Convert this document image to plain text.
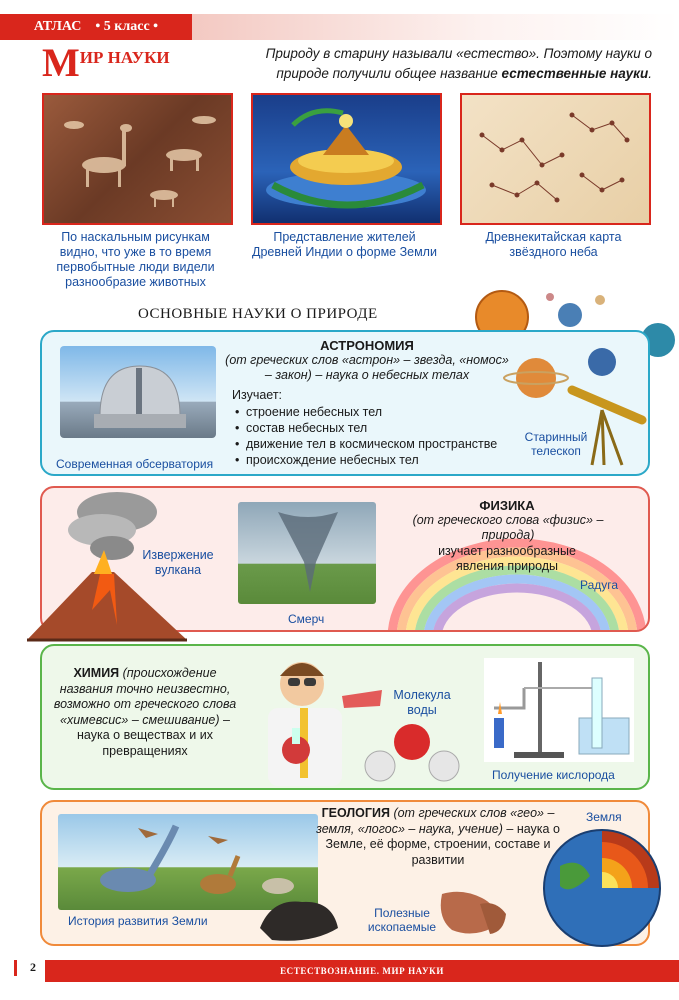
АТЛАС • 5 класс •
МИР НАУКИ	Природу в старину называли «естество». Поэтому науки о природе получили общее название естественные науки.
По наскальным рисункам видно, что уже в то время первобытные люди видели разнообразие животных
Представление жителей Древней Индии о форме Земли
Древнекитайская карта звёздного неба
ОСНОВНЫЕ НАУКИ О ПРИРОДЕ
Современная обсерватория
АСТРОНОМИЯ
(от греческих слов «астрон» – звезда, «номос» – закон) – наука о небесных телах
Изучает:
• строение небесных тел
• состав небесных тел
• движение тел в космическом пространстве
• происхождение небесных тел
Старинный телескоп
Смерч
Извержение вулкана
ФИЗИКА
(от греческого слова «физис» – природа)
изучает разнообразные явления природы
Радуга
ХИМИЯ (происхождение названия точно неизвестно, возможно от греческого слова «химевсис» – смешивание) – наука о веществах и их превращениях
Молекула воды
Получение кислорода
История развития Земли
ГЕОЛОГИЯ (от греческих слов «гео» – земля, «логос» – наука, учение) – наука о Земле, её форме, строении, составе и развитии
Полезные ископаемые
Земля
2	ЕСТЕСТВОЗНАНИЕ. МИР НАУКИ
